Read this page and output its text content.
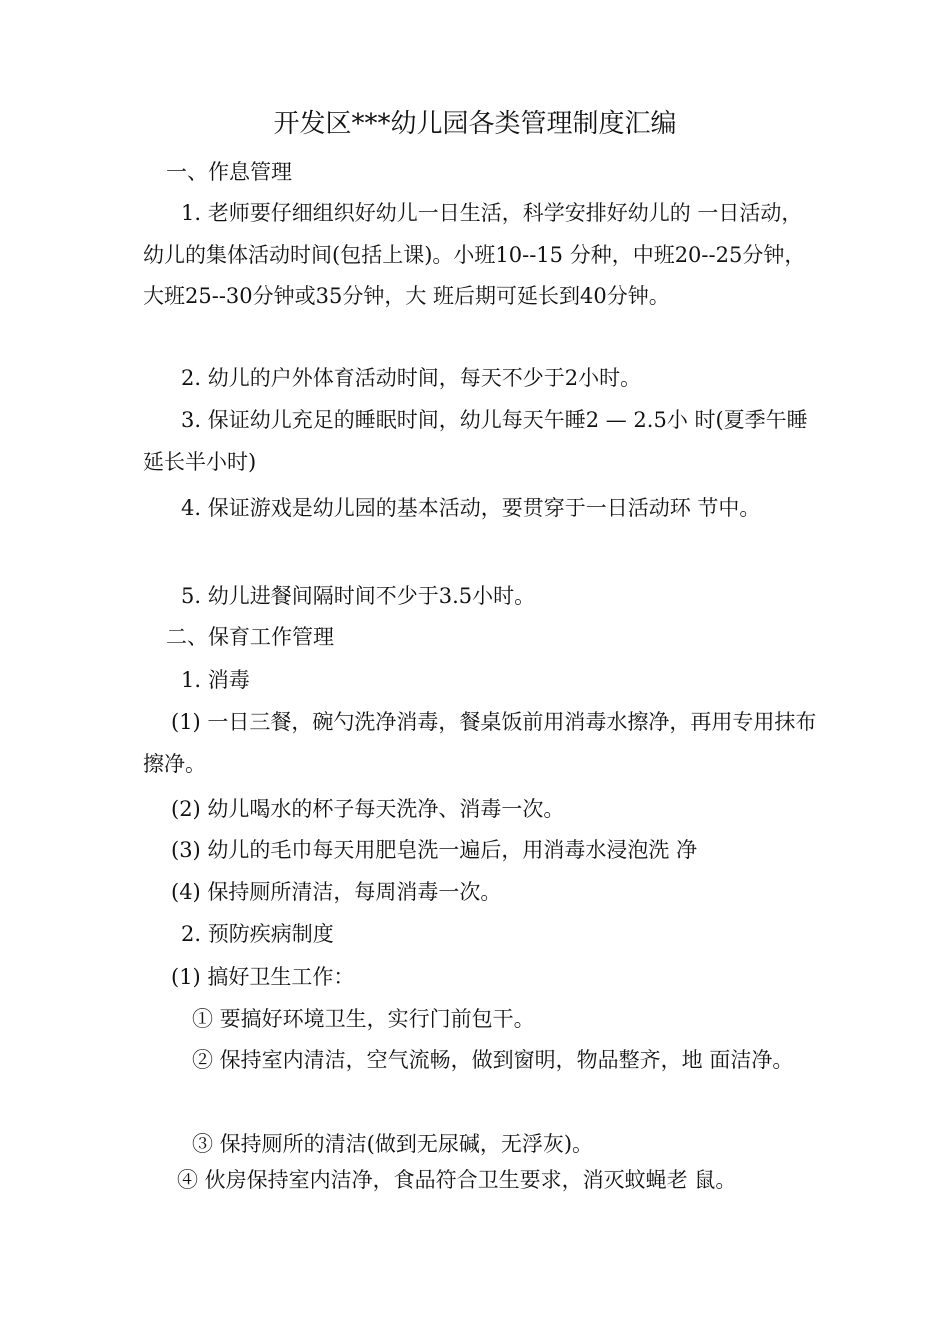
开发区***幼儿园各类管理制度汇编
一、作息管理

1. 老师要仔细组织好幼儿一日生活，科学安排好幼儿的 一日活动，幼儿的集体活动时间(包括上课)。小班10--15 分种，中班20--25分钟，大班25--30分钟或35分钟，大 班后期可延长到40分钟。

2. 幼儿的户外体育活动时间，每天不少于2小时。

3. 保证幼儿充足的睡眠时间，幼儿每天午睡2 — 2.5小 时(夏季午睡延长半小时)

4. 保证游戏是幼儿园的基本活动，要贯穿于一日活动环 节中。

5. 幼儿进餐间隔时间不少于3.5小时。
二、保育工作管理
1. 消毒

(1) 一日三餐，碗勺洗净消毒，餐桌饭前用消毒水擦净，再用专用抹布擦净。

(2) 幼儿喝水的杯子每天洗净、消毒一次。
(3) 幼儿的毛巾每天用肥皂洗一遍后，用消毒水浸泡洗 净
(4) 保持厕所清洁，每周消毒一次。
2. 预防疾病制度
(1) 搞好卫生工作：
① 要搞好环境卫生，实行门前包干。

② 保持室内清洁，空气流畅，做到窗明，物品整齐，地 面洁净。

③ 保持厕所的清洁(做到无尿碱，无浮灰)。
④ 伙房保持室内洁净，食品符合卫生要求，消灭蚊蝇老 鼠。
